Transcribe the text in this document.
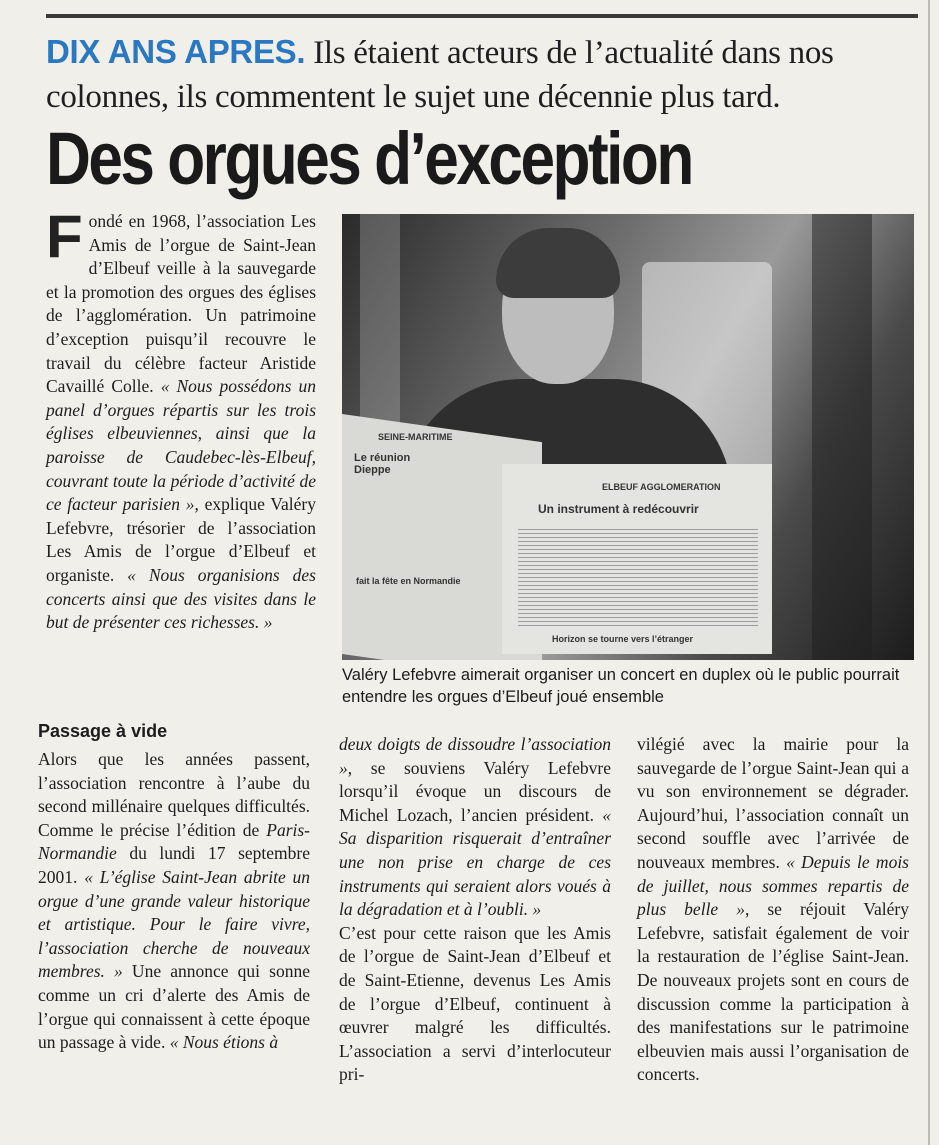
DIX ANS APRES. Ils étaient acteurs de l’actualité dans nos colonnes, ils commentent le sujet une décennie plus tard.
Des orgues d’exception

Fondé en 1968, l’association Les Amis de l’orgue de Saint-Jean d’Elbeuf veille à la sauvegarde et la promotion des orgues des églises de l’agglomération. Un patrimoine d’exception puisqu’il recouvre le travail du célèbre facteur Aristide Cavaillé Colle. « Nous possédons un panel d’orgues répartis sur les trois églises elbeuviennes, ainsi que la paroisse de Caudebec-lès-Elbeuf, couvrant toute la période d’activité de ce facteur parisien », explique Valéry Lefebvre, trésorier de l’association Les Amis de l’orgue d’Elbeuf et organiste. « Nous organisions des concerts ainsi que des visites dans le but de présenter ces richesses. »

SEINE-MARITIME
Le réunion Dieppe
fait la fête en Normandie
ELBEUF AGGLOMERATION
Un instrument à redécouvrir
Horizon se tourne vers l’étranger
Valéry Lefebvre aimerait organiser un concert en duplex où le public pourrait entendre les orgues d’Elbeuf joué ensemble
Passage à vide

Alors que les années passent, l’association rencontre à l’aube du second millénaire quelques difficultés. Comme le précise l’édition de Paris-Normandie du lundi 17 septembre 2001. « L’église Saint-Jean abrite un orgue d’une grande valeur historique et artistique. Pour le faire vivre, l’association cherche de nouveaux membres. » Une annonce qui sonne comme un cri d’alerte des Amis de l’orgue qui connaissent à cette époque un passage à vide. « Nous étions à

deux doigts de dissoudre l’association », se souviens Valéry Lefebvre lorsqu’il évoque un discours de Michel Lozach, l’ancien président. « Sa disparition risquerait d’entraîner une non prise en charge de ces instruments qui seraient alors voués à la dégradation et à l’oubli. »

C’est pour cette raison que les Amis de l’orgue de Saint-Jean d’Elbeuf et de Saint-Etienne, devenus Les Amis de l’orgue d’Elbeuf, continuent à œuvrer malgré les difficultés. L’association a servi d’interlocuteur pri-

vilégié avec la mairie pour la sauvegarde de l’orgue Saint-Jean qui a vu son environnement se dégrader. Aujourd’hui, l’association connaît un second souffle avec l’arrivée de nouveaux membres. « Depuis le mois de juillet, nous sommes repartis de plus belle », se réjouit Valéry Lefebvre, satisfait également de voir la restauration de l’église Saint-Jean. De nouveaux projets sont en cours de discussion comme la participation à des manifestations sur le patrimoine elbeuvien mais aussi l’organisation de concerts.
